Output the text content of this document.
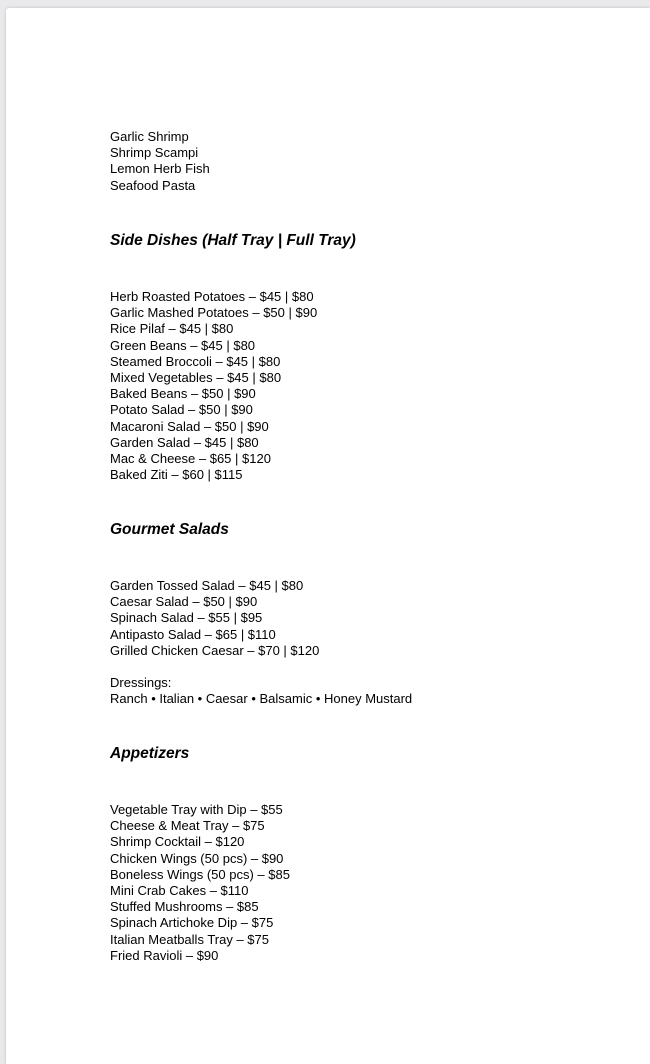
Garlic Shrimp
Shrimp Scampi
Lemon Herb Fish
Seafood Pasta
Side Dishes (Half Tray | Full Tray)
Herb Roasted Potatoes – $45 | $80
Garlic Mashed Potatoes – $50 | $90
Rice Pilaf – $45 | $80
Green Beans – $45 | $80
Steamed Broccoli – $45 | $80
Mixed Vegetables – $45 | $80
Baked Beans – $50 | $90
Potato Salad – $50 | $90
Macaroni Salad – $50 | $90
Garden Salad – $45 | $80
Mac & Cheese – $65 | $120
Baked Ziti – $60 | $115
Gourmet Salads
Garden Tossed Salad – $45 | $80
Caesar Salad – $50 | $90
Spinach Salad – $55 | $95
Antipasto Salad – $65 | $110
Grilled Chicken Caesar – $70 | $120
Dressings:
Ranch • Italian • Caesar • Balsamic • Honey Mustard
Appetizers
Vegetable Tray with Dip – $55
Cheese & Meat Tray – $75
Shrimp Cocktail – $120
Chicken Wings (50 pcs) – $90
Boneless Wings (50 pcs) – $85
Mini Crab Cakes – $110
Stuffed Mushrooms – $85
Spinach Artichoke Dip – $75
Italian Meatballs Tray – $75
Fried Ravioli – $90
